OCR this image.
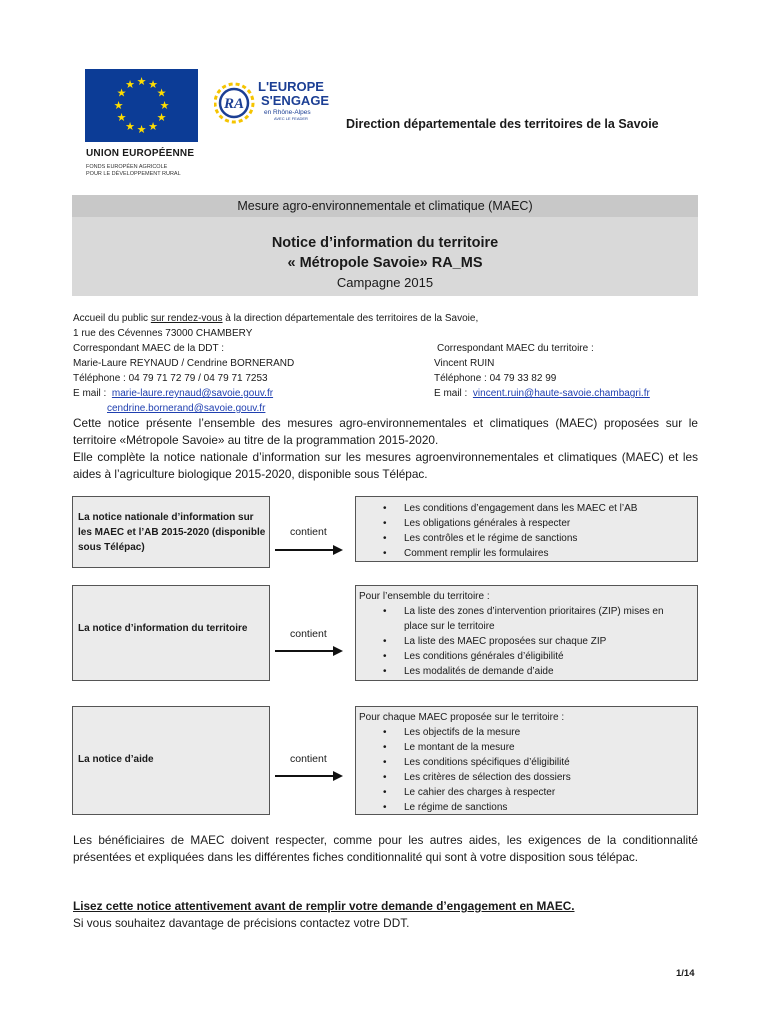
★ ★
★
★
★
★
★
★
★
★
★
★
UNION EUROPÉENNE
FONDS EUROPÉEN AGRICOLE
POUR LE DÉVELOPPEMENT RURAL
RA
L'EUROPE
S'ENGAGE
en Rhône-Alpes
AVEC LE FEADER	Direction départementale des territoires de la Savoie
Mesure agro-environnementale et climatique (MAEC)
Notice d’information du territoire
« Métropole Savoie» RA_MS
Campagne 2015
Accueil du public sur rendez-vous à la direction départementale des territoires de la Savoie,
1 rue des Cévennes 73000 CHAMBERY
Correspondant MAEC de la DDT :
Marie-Laure REYNAUD / Cendrine BORNERAND
Téléphone : 04 79 71 72 79 / 04 79 71 7253
E mail :  marie-laure.reynaud@savoie.gouv.fr
cendrine.bornerand@savoie.gouv.fr
Correspondant MAEC du territoire :
Vincent RUIN
Téléphone : 04 79 33 82 99
E mail :  vincent.ruin@haute-savoie.chambagri.fr
Cette notice présente l’ensemble des mesures agro-environnementales et climatiques (MAEC) proposées sur le territoire «Métropole Savoie» au titre de la programmation 2015-2020.
Elle complète la notice nationale d’information sur les mesures agroenvironnementales et climatiques (MAEC) et les aides à l’agriculture biologique 2015-2020, disponible sous Télépac.
La notice nationale d’information sur les MAEC et l’AB 2015-2020 (disponible sous Télépac)
contient
• Les conditions d’engagement dans les MAEC et l’AB
• Les obligations générales à respecter
• Les contrôles et le régime de sanctions
• Comment remplir les formulaires
La notice d’information du territoire	contient
Pour l’ensemble du territoire :
• La liste des zones d’intervention prioritaires (ZIP) mises en place sur le territoire
• La liste des MAEC proposées sur chaque ZIP
• Les conditions générales d’éligibilité
• Les modalités de demande d’aide
La notice d’aide	contient
Pour chaque MAEC proposée sur le territoire :
• Les objectifs de la mesure
• Le montant de la mesure
• Les conditions spécifiques d’éligibilité
• Les critères de sélection des dossiers
• Le cahier des charges à respecter
• Le régime de sanctions
Les bénéficiaires de MAEC doivent respecter, comme pour les autres aides, les exigences de la conditionnalité présentées et expliquées dans les différentes fiches conditionnalité qui sont à votre disposition sous télépac.
Lisez cette notice attentivement avant de remplir votre demande d’engagement en MAEC.
Si vous souhaitez davantage de précisions contactez votre DDT.
1/14
